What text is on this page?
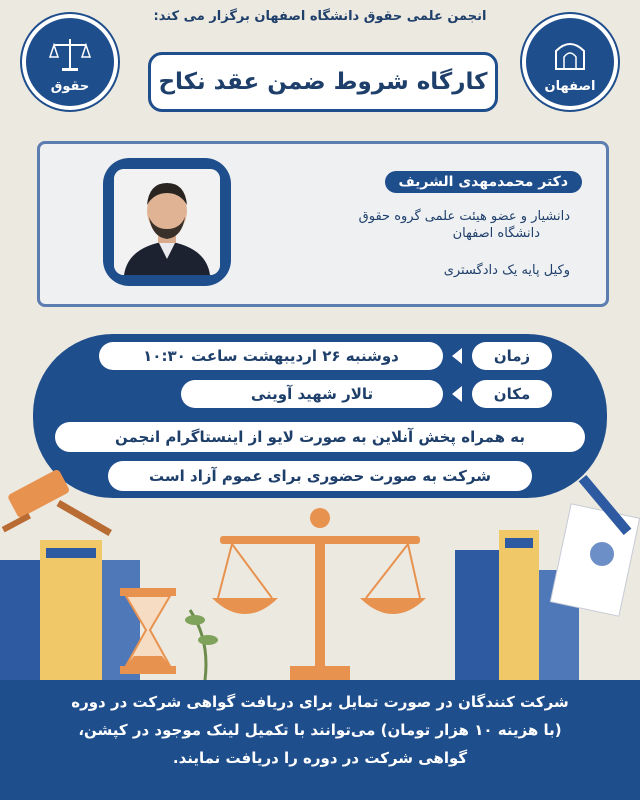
حقوق	اصفهان
انجمن علمی حقوق دانشگاه اصفهان برگزار می کند:
کارگاه شروط ضمن عقد نکاح
دکتر محمدمهدی الشریف
دانشیار و عضو هیئت علمی گروه حقوق
دانشگاه اصفهان
وکیل پایه یک دادگستری
زمان
دوشنبه ۲۶ اردیبهشت ساعت ۱۰:۳۰
مکان
تالار شهید آوینی
به همراه پخش آنلاین به صورت لایو از اینستاگرام انجمن
شرکت به صورت حضوری برای عموم آزاد است
شرکت کنندگان در صورت تمایل برای دریافت گواهی شرکت در دوره
(با هزینه ۱۰ هزار تومان) می‌توانند با تکمیل لینک موجود در کپشن،
گواهی شرکت در دوره را دریافت نمایند.
